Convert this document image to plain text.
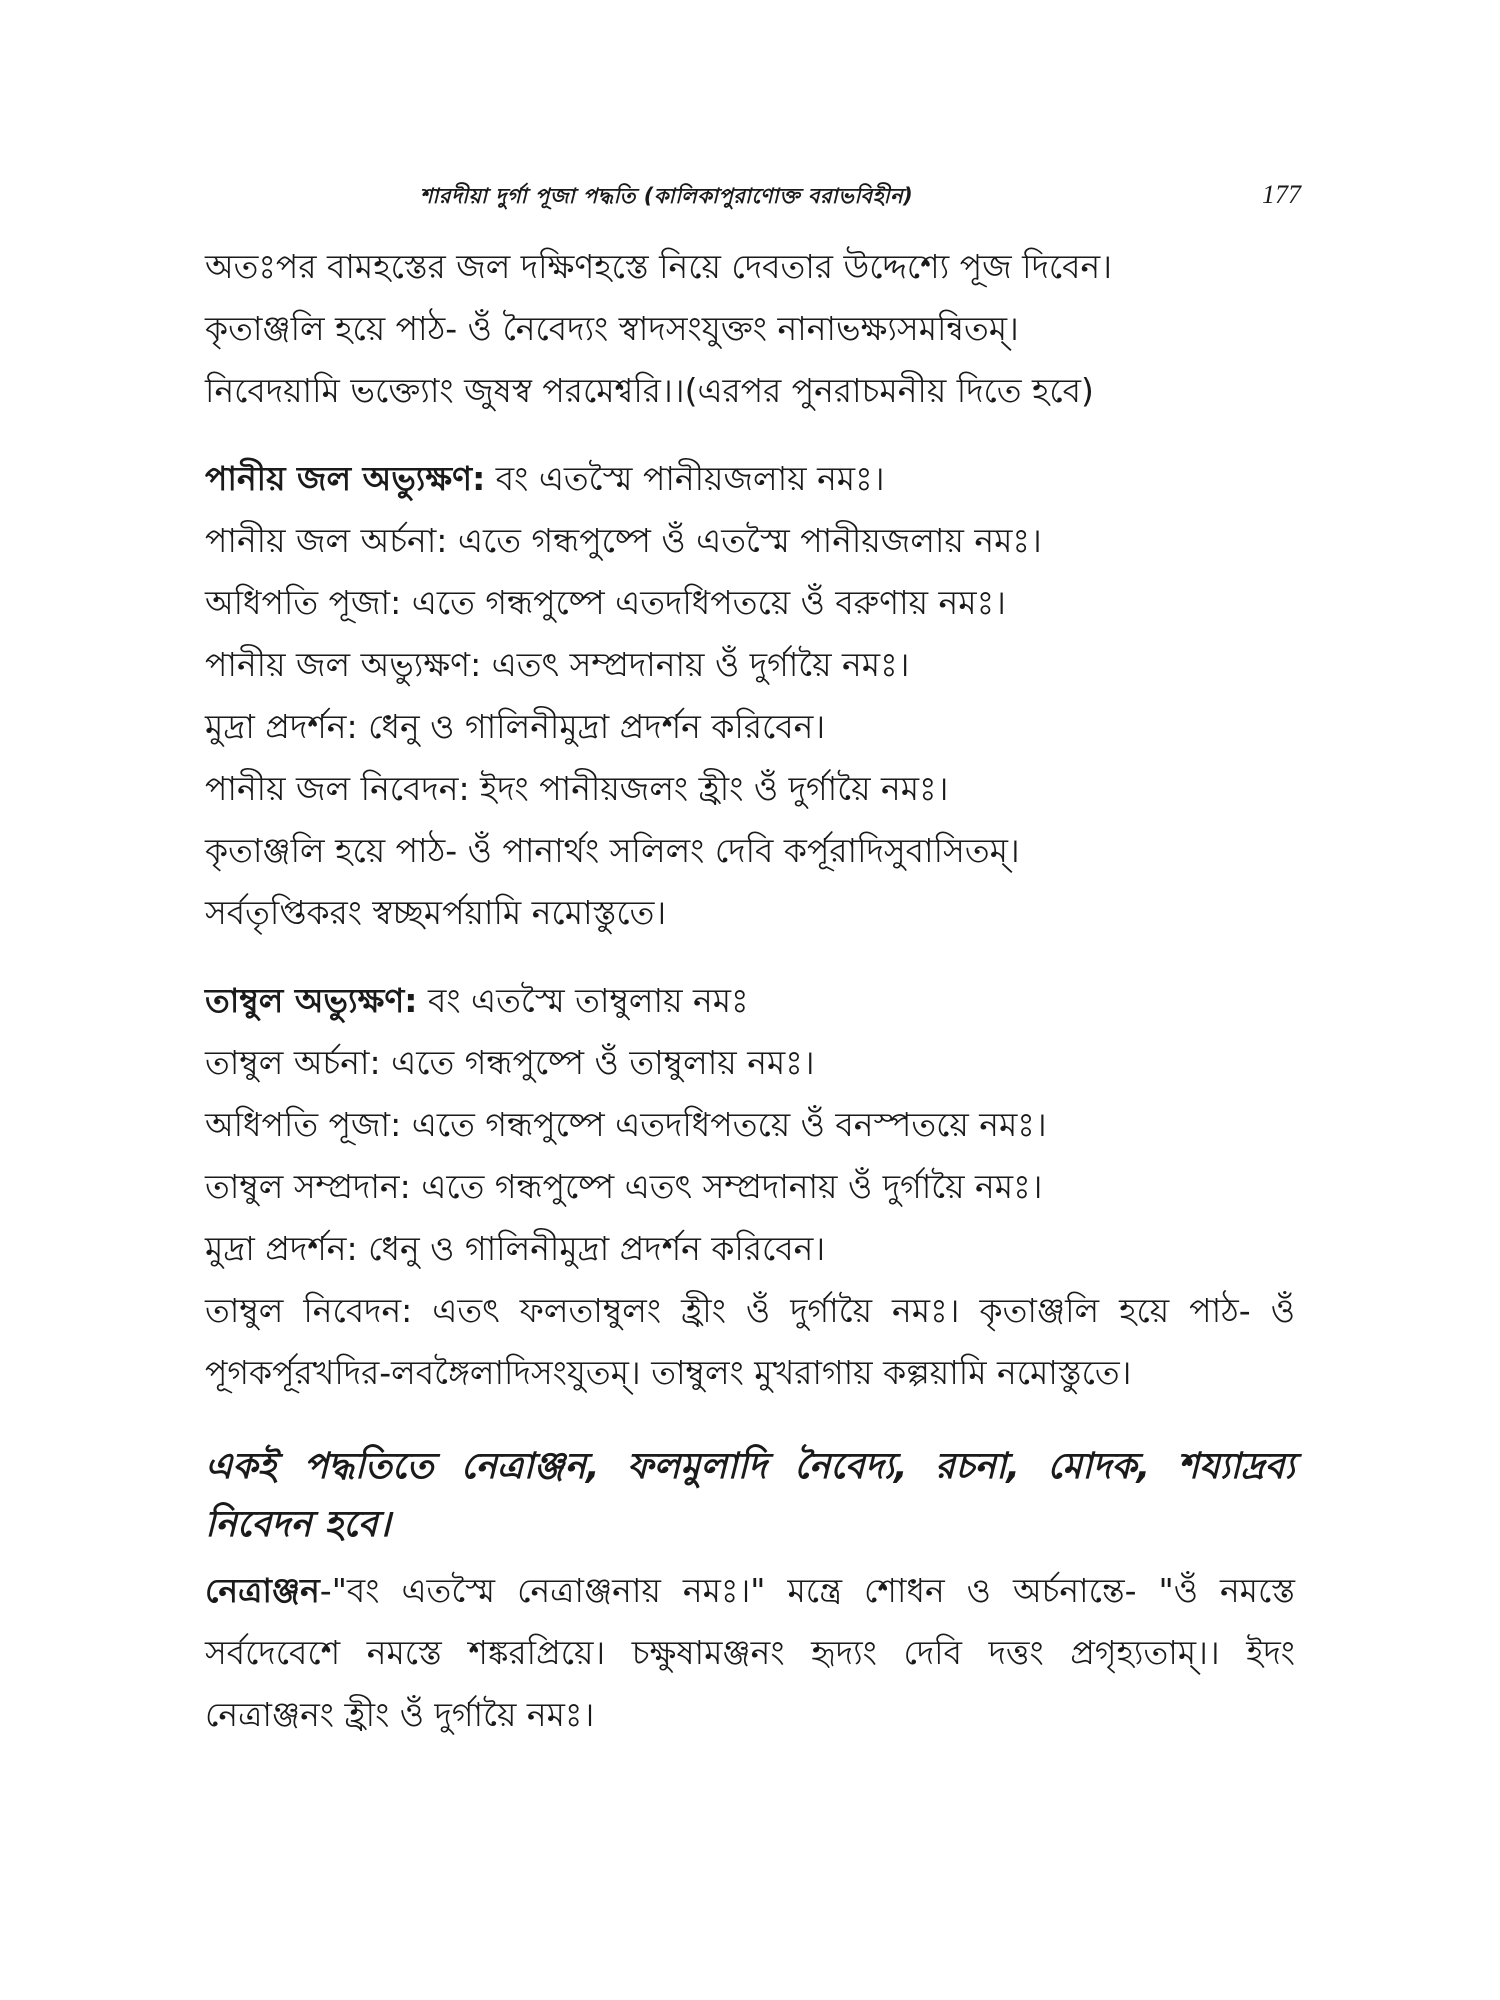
শারদীয়া দুর্গা পূজা পদ্ধতি (কালিকাপুরাণোক্ত বরাভবিহীন)	177
অতঃপর বামহস্তের জল দক্ষিণহস্তে নিয়ে দেবতার উদ্দেশ্যে পূজ দিবেন।
কৃতাঞ্জলি হয়ে পাঠ- ওঁ নৈবেদ্যং স্বাদসংযুক্তং নানাভক্ষ্যসমন্বিতম্।
নিবেদয়ামি ভক্ত্যোং জুষস্ব পরমেশ্বরি।।(এরপর পুনরাচমনীয় দিতে হবে)
পানীয় জল অভ্যুক্ষণ: বং এতস্মৈ পানীয়জলায় নমঃ।
পানীয় জল অর্চনা: এতে গন্ধপুষ্পে ওঁ এতস্মৈ পানীয়জলায় নমঃ।
অধিপতি পূজা: এতে গন্ধপুষ্পে এতদধিপতয়ে ওঁ বরুণায় নমঃ।
পানীয় জল অভ্যুক্ষণ: এতৎ সম্প্রদানায় ওঁ দুর্গায়ৈ নমঃ।
মুদ্রা প্রদর্শন: ধেনু ও গালিনীমুদ্রা প্রদর্শন করিবেন।
পানীয় জল নিবেদন: ইদং পানীয়জলং হ্রীং ওঁ দুর্গায়ৈ নমঃ।
কৃতাঞ্জলি হয়ে পাঠ- ওঁ পানার্থং সলিলং দেবি কর্পূরাদিসুবাসিতম্।
সর্বতৃপ্তিকরং স্বচ্ছমর্পয়ামি নমোস্তুতে।
তাম্বুল অভ্যুক্ষণ: বং এতস্মৈ তাম্বুলায় নমঃ
তাম্বুল অর্চনা: এতে গন্ধপুষ্পে ওঁ তাম্বুলায় নমঃ।
অধিপতি পূজা: এতে গন্ধপুষ্পে এতদধিপতয়ে ওঁ বনস্পতয়ে নমঃ।
তাম্বুল সম্প্রদান: এতে গন্ধপুষ্পে এতৎ সম্প্রদানায় ওঁ দুর্গায়ৈ নমঃ।
মুদ্রা প্রদর্শন: ধেনু ও গালিনীমুদ্রা প্রদর্শন করিবেন।
তাম্বুল নিবেদন: এতৎ ফলতাম্বুলং হ্রীং ওঁ দুর্গায়ৈ নমঃ। কৃতাঞ্জলি হয়ে পাঠ- ওঁ পূগকর্পূরখদির-লবঙ্গৈলাদিসংযুতম্। তাম্বুলং মুখরাগায় কল্পয়ামি নমোস্তুতে।
একই পদ্ধতিতে নেত্রাঞ্জন, ফলমুলাদি নৈবেদ্য, রচনা, মোদক, শয্যাদ্রব্য নিবেদন হবে।
নেত্রাঞ্জন-"বং এতস্মৈ নেত্রাঞ্জনায় নমঃ।" মন্ত্রে শোধন ও অর্চনান্তে- "ওঁ নমস্তে সর্বদেবেশে নমস্তে শঙ্করপ্রিয়ে। চক্ষুষামঞ্জনং হৃদ্যং দেবি দত্তং প্রগৃহ্যতাম্।। ইদং নেত্রাঞ্জনং হ্রীং ওঁ দুর্গায়ৈ নমঃ।
